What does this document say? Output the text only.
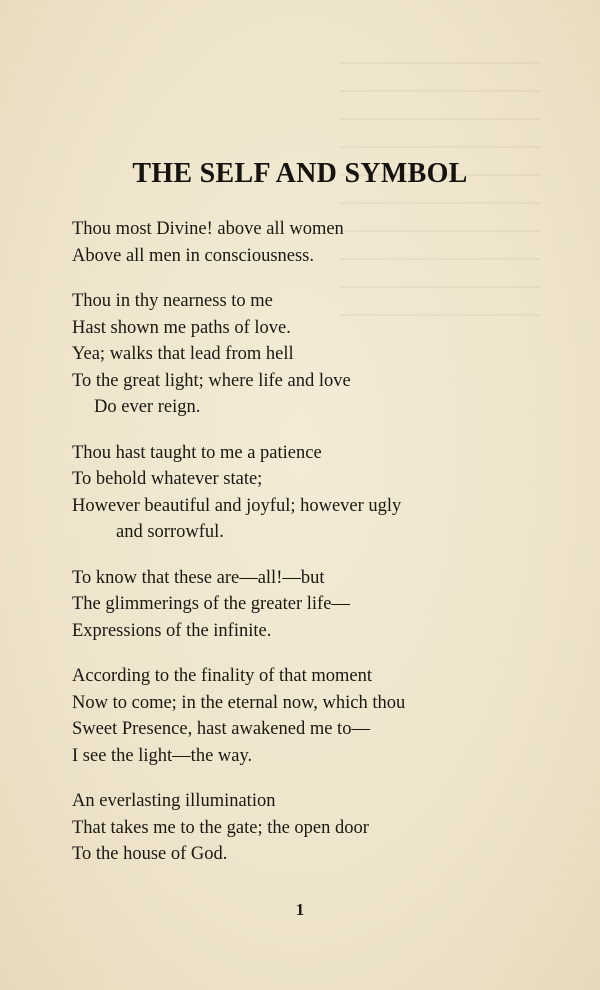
THE SELF AND SYMBOL
Thou most Divine! above all women
Above all men in consciousness.
Thou in thy nearness to me
Hast shown me paths of love.
Yea; walks that lead from hell
To the great light; where life and love
Do ever reign.
Thou hast taught to me a patience
To behold whatever state;
However beautiful and joyful; however ugly
and sorrowful.
To know that these are—all!—but
The glimmerings of the greater life—
Expressions of the infinite.
According to the finality of that moment
Now to come; in the eternal now, which thou
Sweet Presence, hast awakened me to—
I see the light—the way.
An everlasting illumination
That takes me to the gate; the open door
To the house of God.
1
